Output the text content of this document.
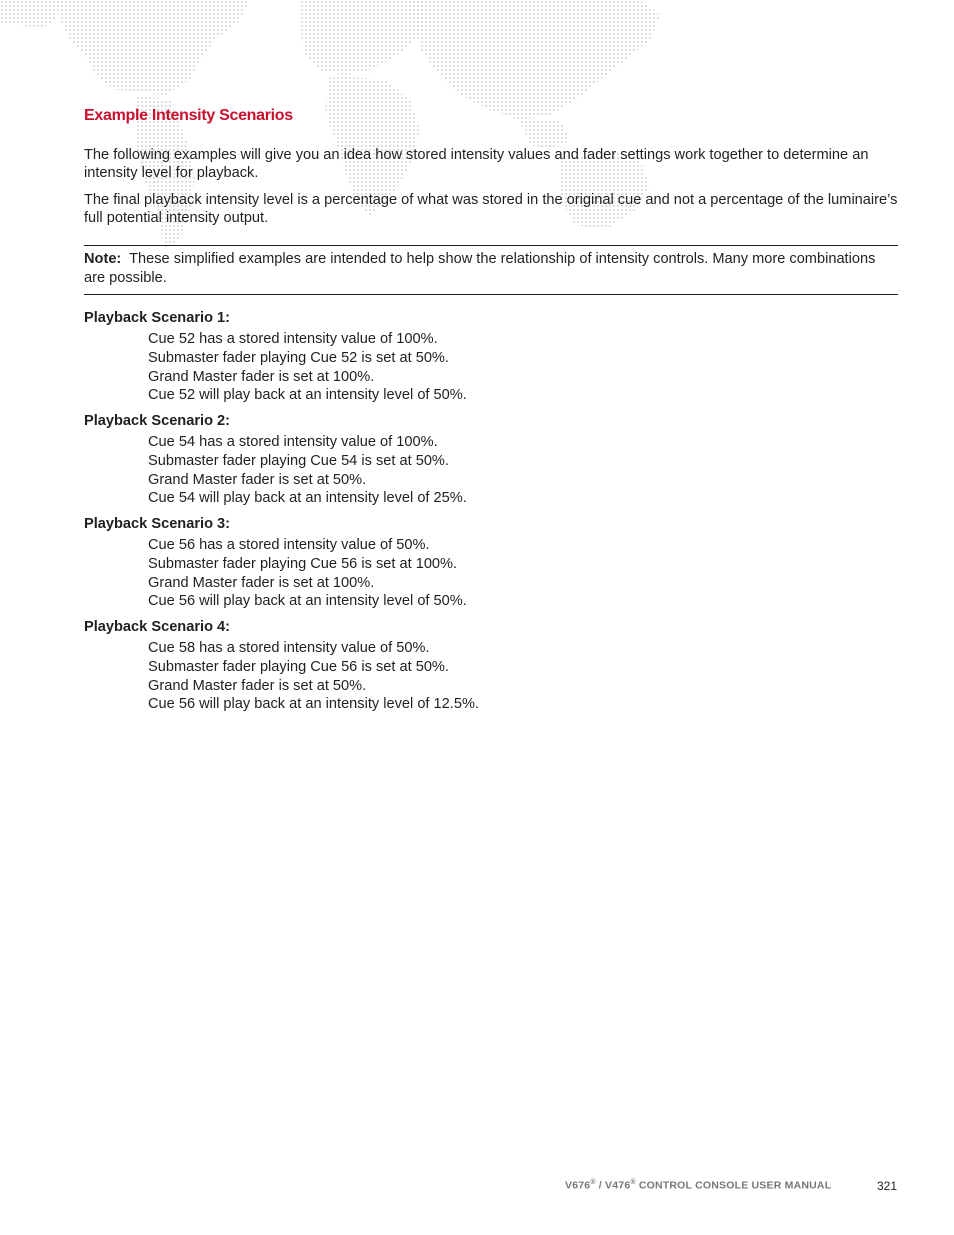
Example Intensity Scenarios
The following examples will give you an idea how stored intensity values and fader settings work together to determine an intensity level for playback.
The final playback intensity level is a percentage of what was stored in the original cue and not a percentage of the luminaire’s full potential intensity output.
Note: These simplified examples are intended to help show the relationship of intensity controls. Many more combinations are possible.
Playback Scenario 1:
Cue 52 has a stored intensity value of 100%.
Submaster fader playing Cue 52 is set at 50%.
Grand Master fader is set at 100%.
Cue 52 will play back at an intensity level of 50%.
Playback Scenario 2:
Cue 54 has a stored intensity value of 100%.
Submaster fader playing Cue 54 is set at 50%.
Grand Master fader is set at 50%.
Cue 54 will play back at an intensity level of 25%.
Playback Scenario 3:
Cue 56 has a stored intensity value of 50%.
Submaster fader playing Cue 56 is set at 100%.
Grand Master fader is set at 100%.
Cue 56 will play back at an intensity level of 50%.
Playback Scenario 4:
Cue 58 has a stored intensity value of 50%.
Submaster fader playing Cue 56 is set at 50%.
Grand Master fader is set at 50%.
Cue 56 will play back at an intensity level of 12.5%.
V676® / V476® CONTROL CONSOLE USER MANUAL	321
